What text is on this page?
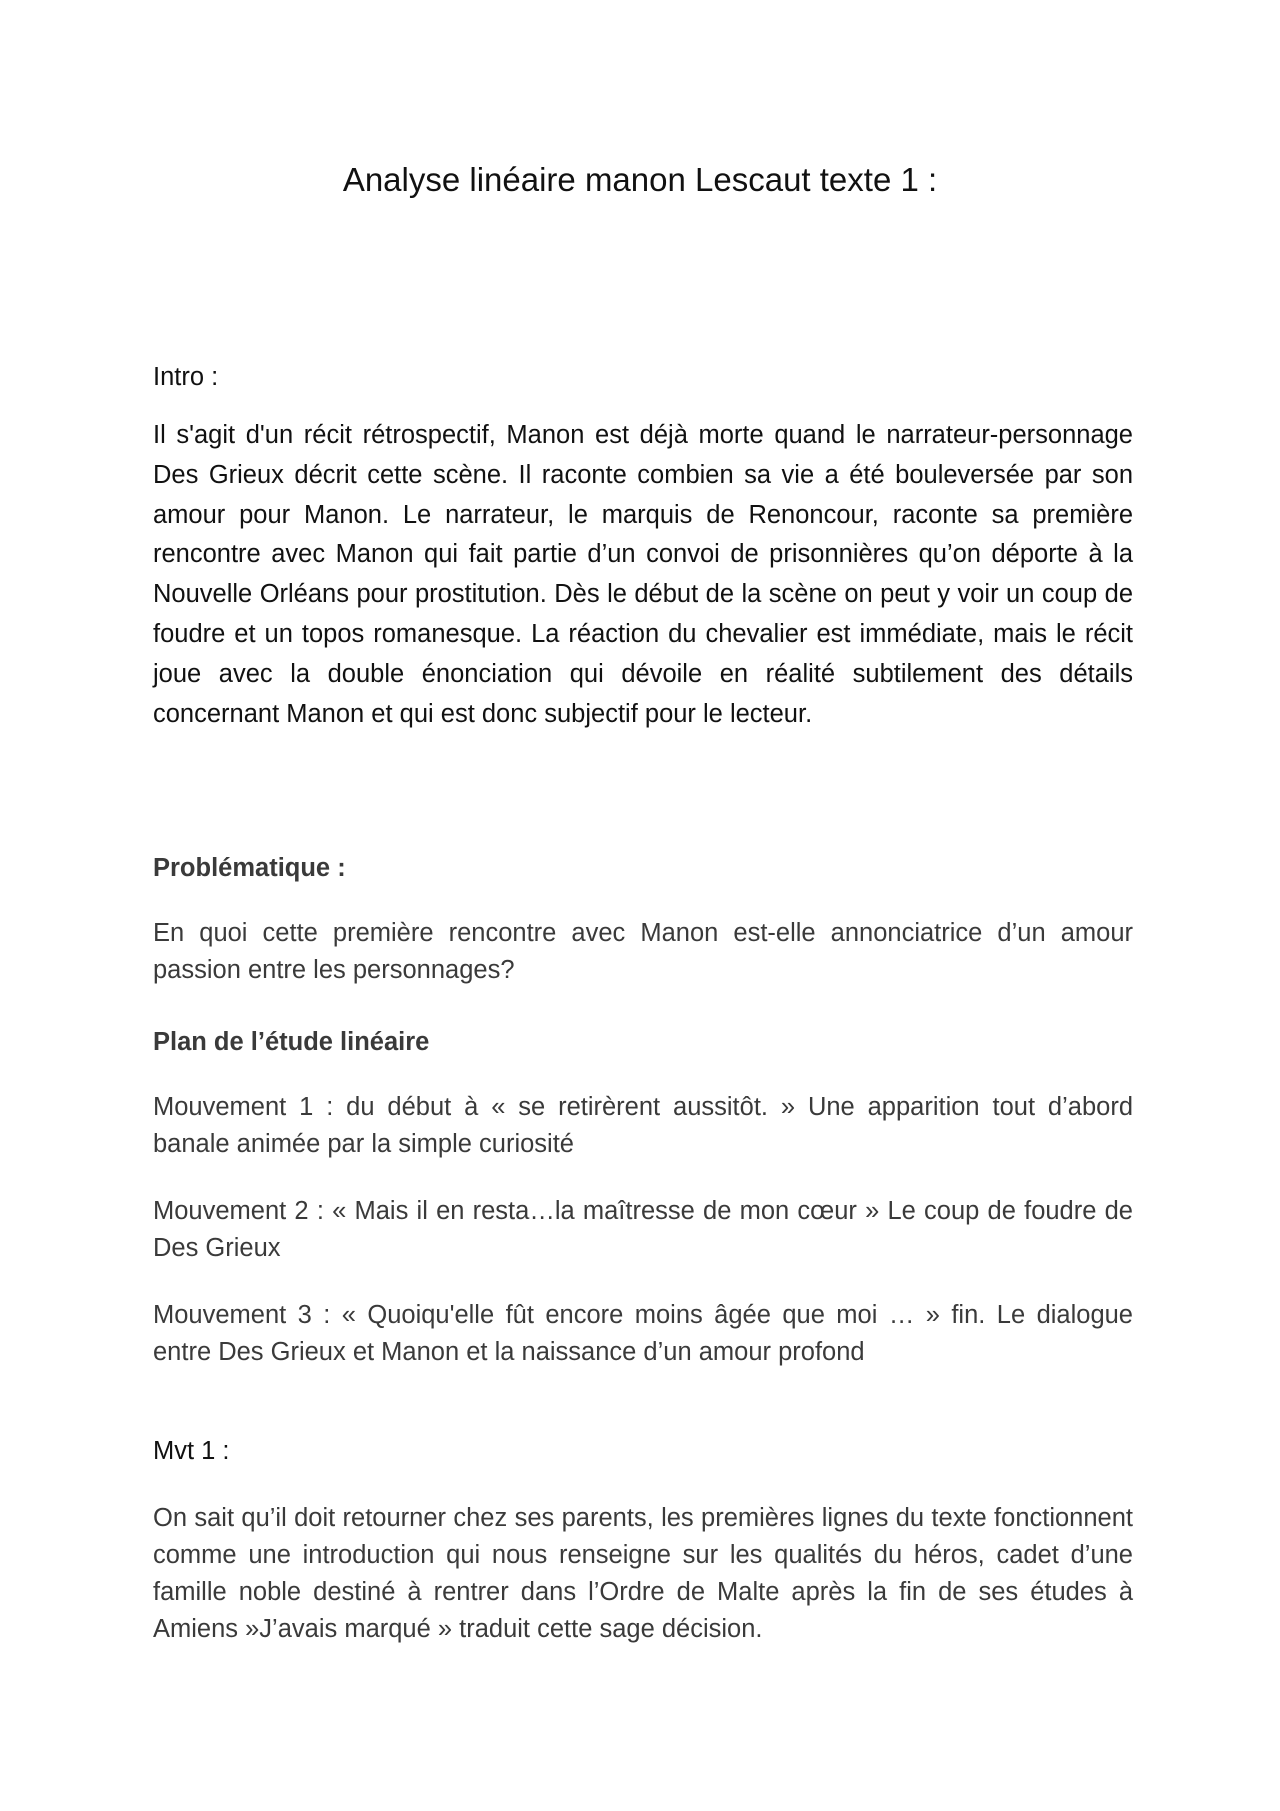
Analyse linéaire manon Lescaut texte 1 :
Intro :
Il s'agit d'un récit rétrospectif, Manon est déjà morte quand le narrateur-personnage Des Grieux décrit cette scène. Il raconte combien sa vie a été bouleversée par son amour pour Manon. Le narrateur, le marquis de Renoncour, raconte sa première rencontre avec Manon qui fait partie d’un convoi de prisonnières qu’on déporte à la Nouvelle Orléans pour prostitution. Dès le début de la scène on peut y voir un coup de foudre et un topos romanesque. La réaction du chevalier est immédiate, mais le récit joue avec la double énonciation qui dévoile en réalité subtilement des détails concernant Manon et qui est donc subjectif pour le lecteur.
Problématique :
En quoi cette première rencontre avec Manon est-elle annonciatrice d’un amour passion entre les personnages?
Plan de l’étude linéaire
Mouvement 1 : du début à « se retirèrent aussitôt. » Une apparition tout d’abord banale animée par la simple curiosité
Mouvement 2 : « Mais il en resta…la maîtresse de mon cœur » Le coup de foudre de Des Grieux
Mouvement 3 : « Quoiqu'elle fût encore moins âgée que moi … » fin. Le dialogue entre Des Grieux et Manon et la naissance d’un amour profond
Mvt 1 :
On sait qu’il doit retourner chez ses parents, les premières lignes du texte fonctionnent comme une introduction qui nous renseigne sur les qualités du héros, cadet d’une famille noble destiné à rentrer dans l’Ordre de Malte après la fin de ses études à Amiens »J’avais marqué » traduit cette sage décision.
